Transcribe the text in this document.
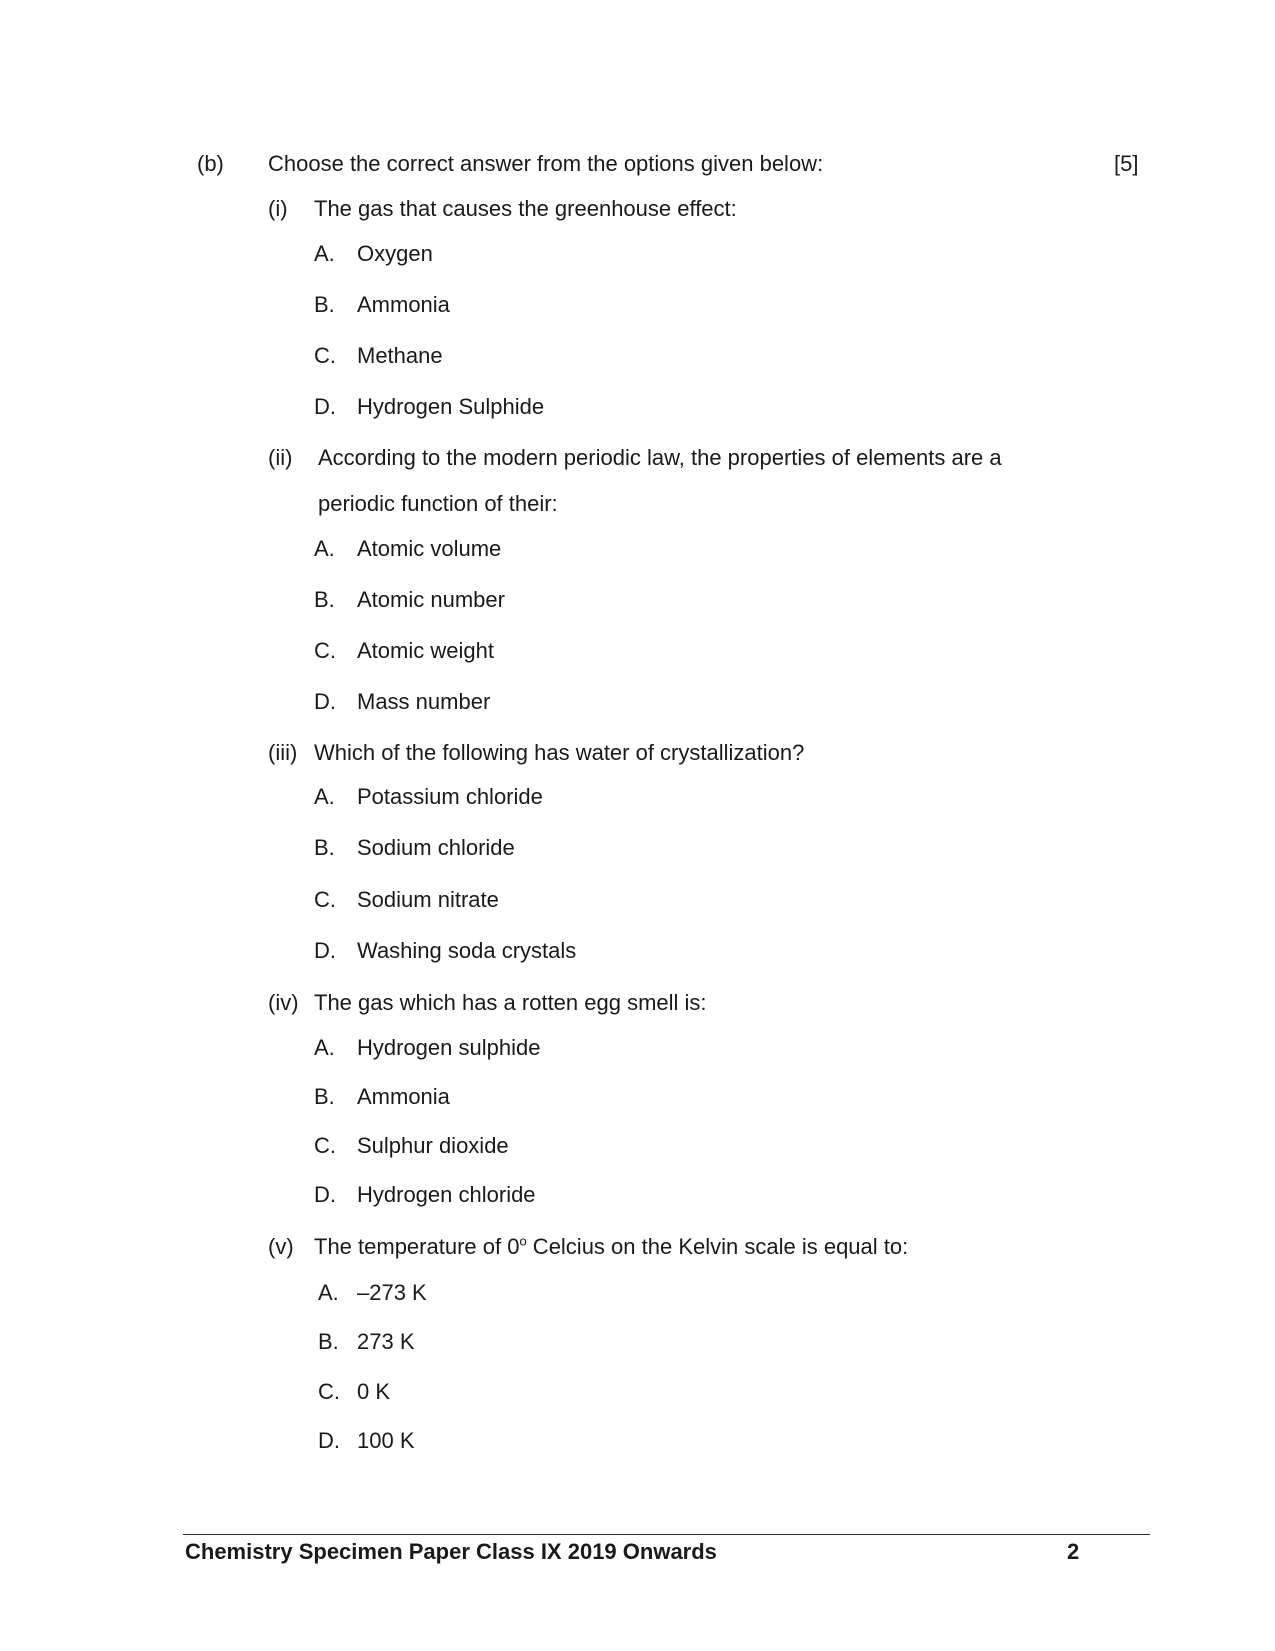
(b) Choose the correct answer from the options given below:	[5]
(i) The gas that causes the greenhouse effect:
A. Oxygen
B. Ammonia
C. Methane
D. Hydrogen Sulphide
(ii) According to the modern periodic law, the properties of elements are a
periodic function of their:
A. Atomic volume
B. Atomic number
C. Atomic weight
D. Mass number
(iii) Which of the following has water of crystallization?
A. Potassium chloride
B. Sodium chloride
C. Sodium nitrate
D. Washing soda crystals
(iv) The gas which has a rotten egg smell is:
A. Hydrogen sulphide
B. Ammonia
C. Sulphur dioxide
D. Hydrogen chloride
(v) The temperature of 0$^o$ Celcius on the Kelvin scale is equal to:
A. –273 K
B. 273 K
C. 0 K
D. 100 K
Chemistry Specimen Paper Class IX 2019 Onwards	2
